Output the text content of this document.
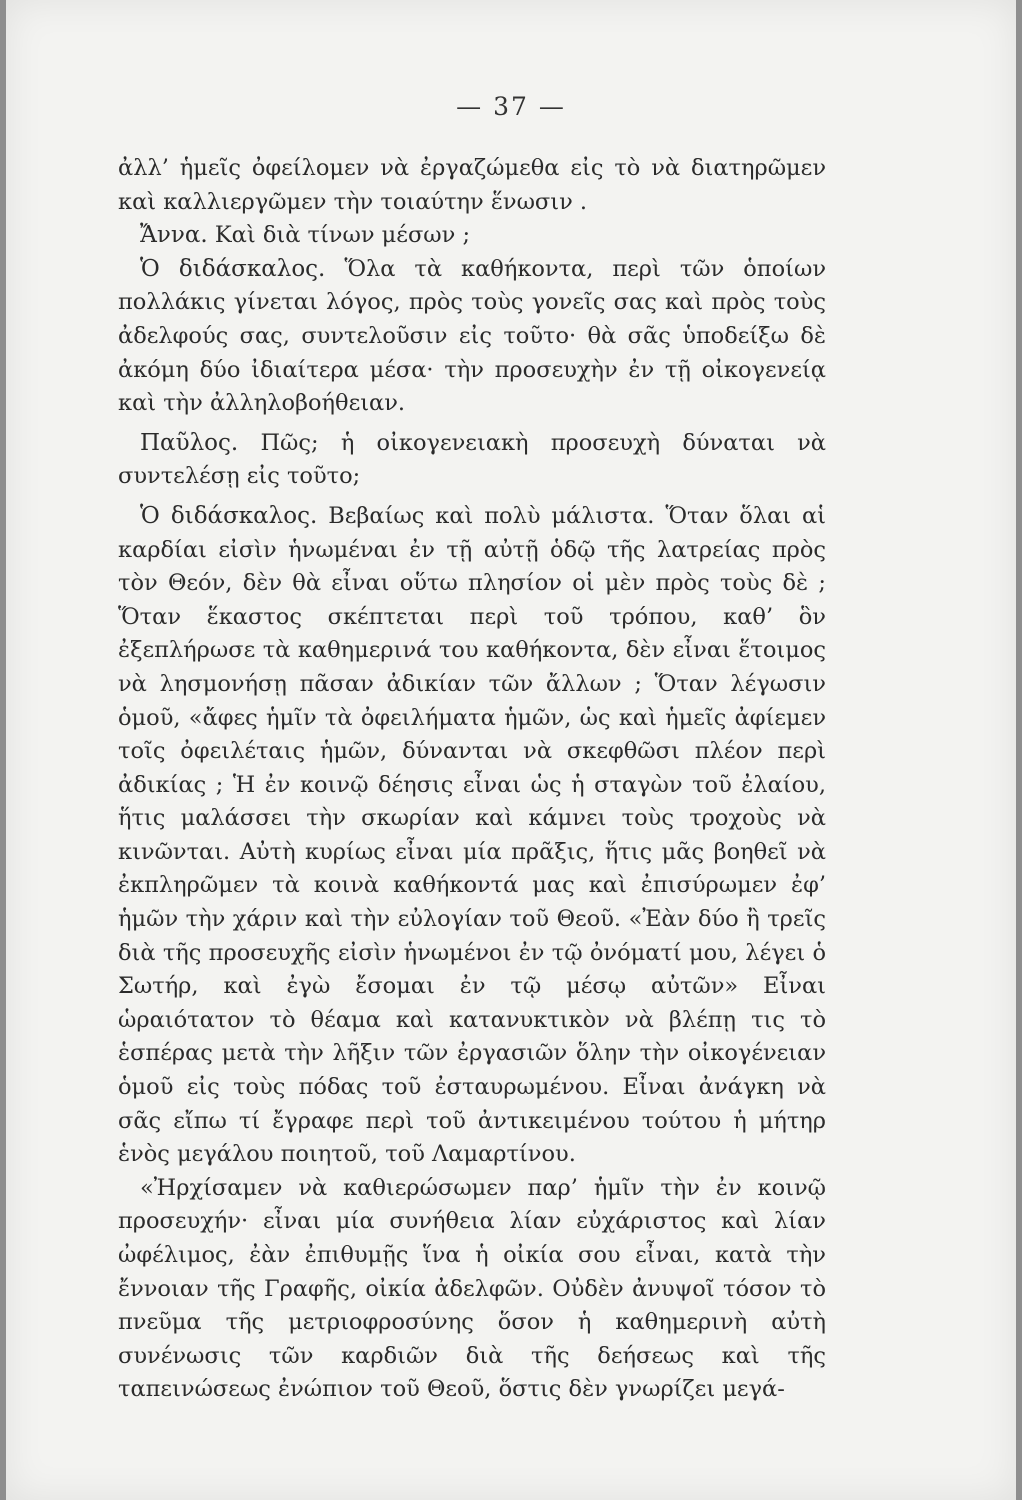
— 37 —

ἀλλ’ ἡμεῖς ὀφείλομεν νὰ ἐργαζώμεθα εἰς τὸ νὰ διατηρῶμεν καὶ καλλιεργῶμεν τὴν τοιαύτην ἕνωσιν .

Ἄννα. Καὶ διὰ τίνων μέσων ;

Ὁ διδάσκαλος. Ὅλα τὰ καθήκοντα, περὶ τῶν ὁποίων πολλάκις γίνεται λόγος, πρὸς τοὺς γονεῖς σας καὶ πρὸς τοὺς ἀδελφούς σας, συντελοῦσιν εἰς τοῦτο· θὰ σᾶς ὑποδείξω δὲ ἀκόμη δύο ἰδιαίτερα μέσα· τὴν προσευχὴν ἐν τῇ οἰκογενείᾳ καὶ τὴν ἀλληλοβοήθειαν.

Παῦλος. Πῶς; ἡ οἰκογενειακὴ προσευχὴ δύναται νὰ συντελέσῃ εἰς τοῦτο;

Ὁ διδάσκαλος. Βεβαίως καὶ πολὺ μάλιστα. Ὅταν ὅλαι αἱ καρδίαι εἰσὶν ἡνωμέναι ἐν τῇ αὐτῇ ὁδῷ τῆς λατρείας πρὸς τὸν Θεόν, δὲν θὰ εἶναι οὕτω πλησίον οἱ μὲν πρὸς τοὺς δὲ ; Ὅταν ἕκαστος σκέπτεται περὶ τοῦ τρόπου, καθ’ ὃν ἐξεπλήρωσε τὰ καθημερινά του καθήκοντα, δὲν εἶναι ἕτοιμος νὰ λησμονήσῃ πᾶσαν ἀδικίαν τῶν ἄλλων ; Ὅταν λέγωσιν ὁμοῦ, «ἄφες ἡμῖν τὰ ὀφειλήματα ἡμῶν, ὡς καὶ ἡμεῖς ἀφίεμεν τοῖς ὀφειλέταις ἡμῶν, δύνανται νὰ σκεφθῶσι πλέον περὶ ἀδικίας ; Ἡ ἐν κοινῷ δέησις εἶναι ὡς ἡ σταγὼν τοῦ ἐλαίου, ἥτις μαλάσσει τὴν σκωρίαν καὶ κάμνει τοὺς τροχοὺς νὰ κινῶνται. Αὐτὴ κυρίως εἶναι μία πρᾶξις, ἥτις μᾶς βοηθεῖ νὰ ἐκπληρῶμεν τὰ κοινὰ καθήκοντά μας καὶ ἐπισύρωμεν ἐφ’ ἡμῶν τὴν χάριν καὶ τὴν εὐλογίαν τοῦ Θεοῦ. «Ἐὰν δύο ἢ τρεῖς διὰ τῆς προσευχῆς εἰσὶν ἡνωμένοι ἐν τῷ ὀνόματί μου, λέγει ὁ Σωτήρ, καὶ ἐγὼ ἔσομαι ἐν τῷ μέσῳ αὐτῶν» Εἶναι ὡραιότατον τὸ θέαμα καὶ κατανυκτικὸν νὰ βλέπῃ τις τὸ ἑσπέρας μετὰ τὴν λῆξιν τῶν ἐργασιῶν ὅλην τὴν οἰκογένειαν ὁμοῦ εἰς τοὺς πόδας τοῦ ἐσταυρωμένου. Εἶναι ἀνάγκη νὰ σᾶς εἴπω τί ἔγραφε περὶ τοῦ ἀντικειμένου τούτου ἡ μήτηρ ἑνὸς μεγάλου ποιητοῦ, τοῦ Λαμαρτίνου.

«Ἠρχίσαμεν νὰ καθιερώσωμεν παρ’ ἡμῖν τὴν ἐν κοινῷ προσευχήν· εἶναι μία συνήθεια λίαν εὐχάριστος καὶ λίαν ὠφέλιμος, ἐὰν ἐπιθυμῇς ἵνα ἡ οἰκία σου εἶναι, κατὰ τὴν ἔννοιαν τῆς Γραφῆς, οἰκία ἀδελφῶν. Οὐδὲν ἀνυψοῖ τόσον τὸ πνεῦμα τῆς μετριοφροσύνης ὅσον ἡ καθημερινὴ αὐτὴ συνένωσις τῶν καρδιῶν διὰ τῆς δεήσεως καὶ τῆς ταπεινώσεως ἐνώπιον τοῦ Θεοῦ, ὅστις δὲν γνωρίζει μεγά-
